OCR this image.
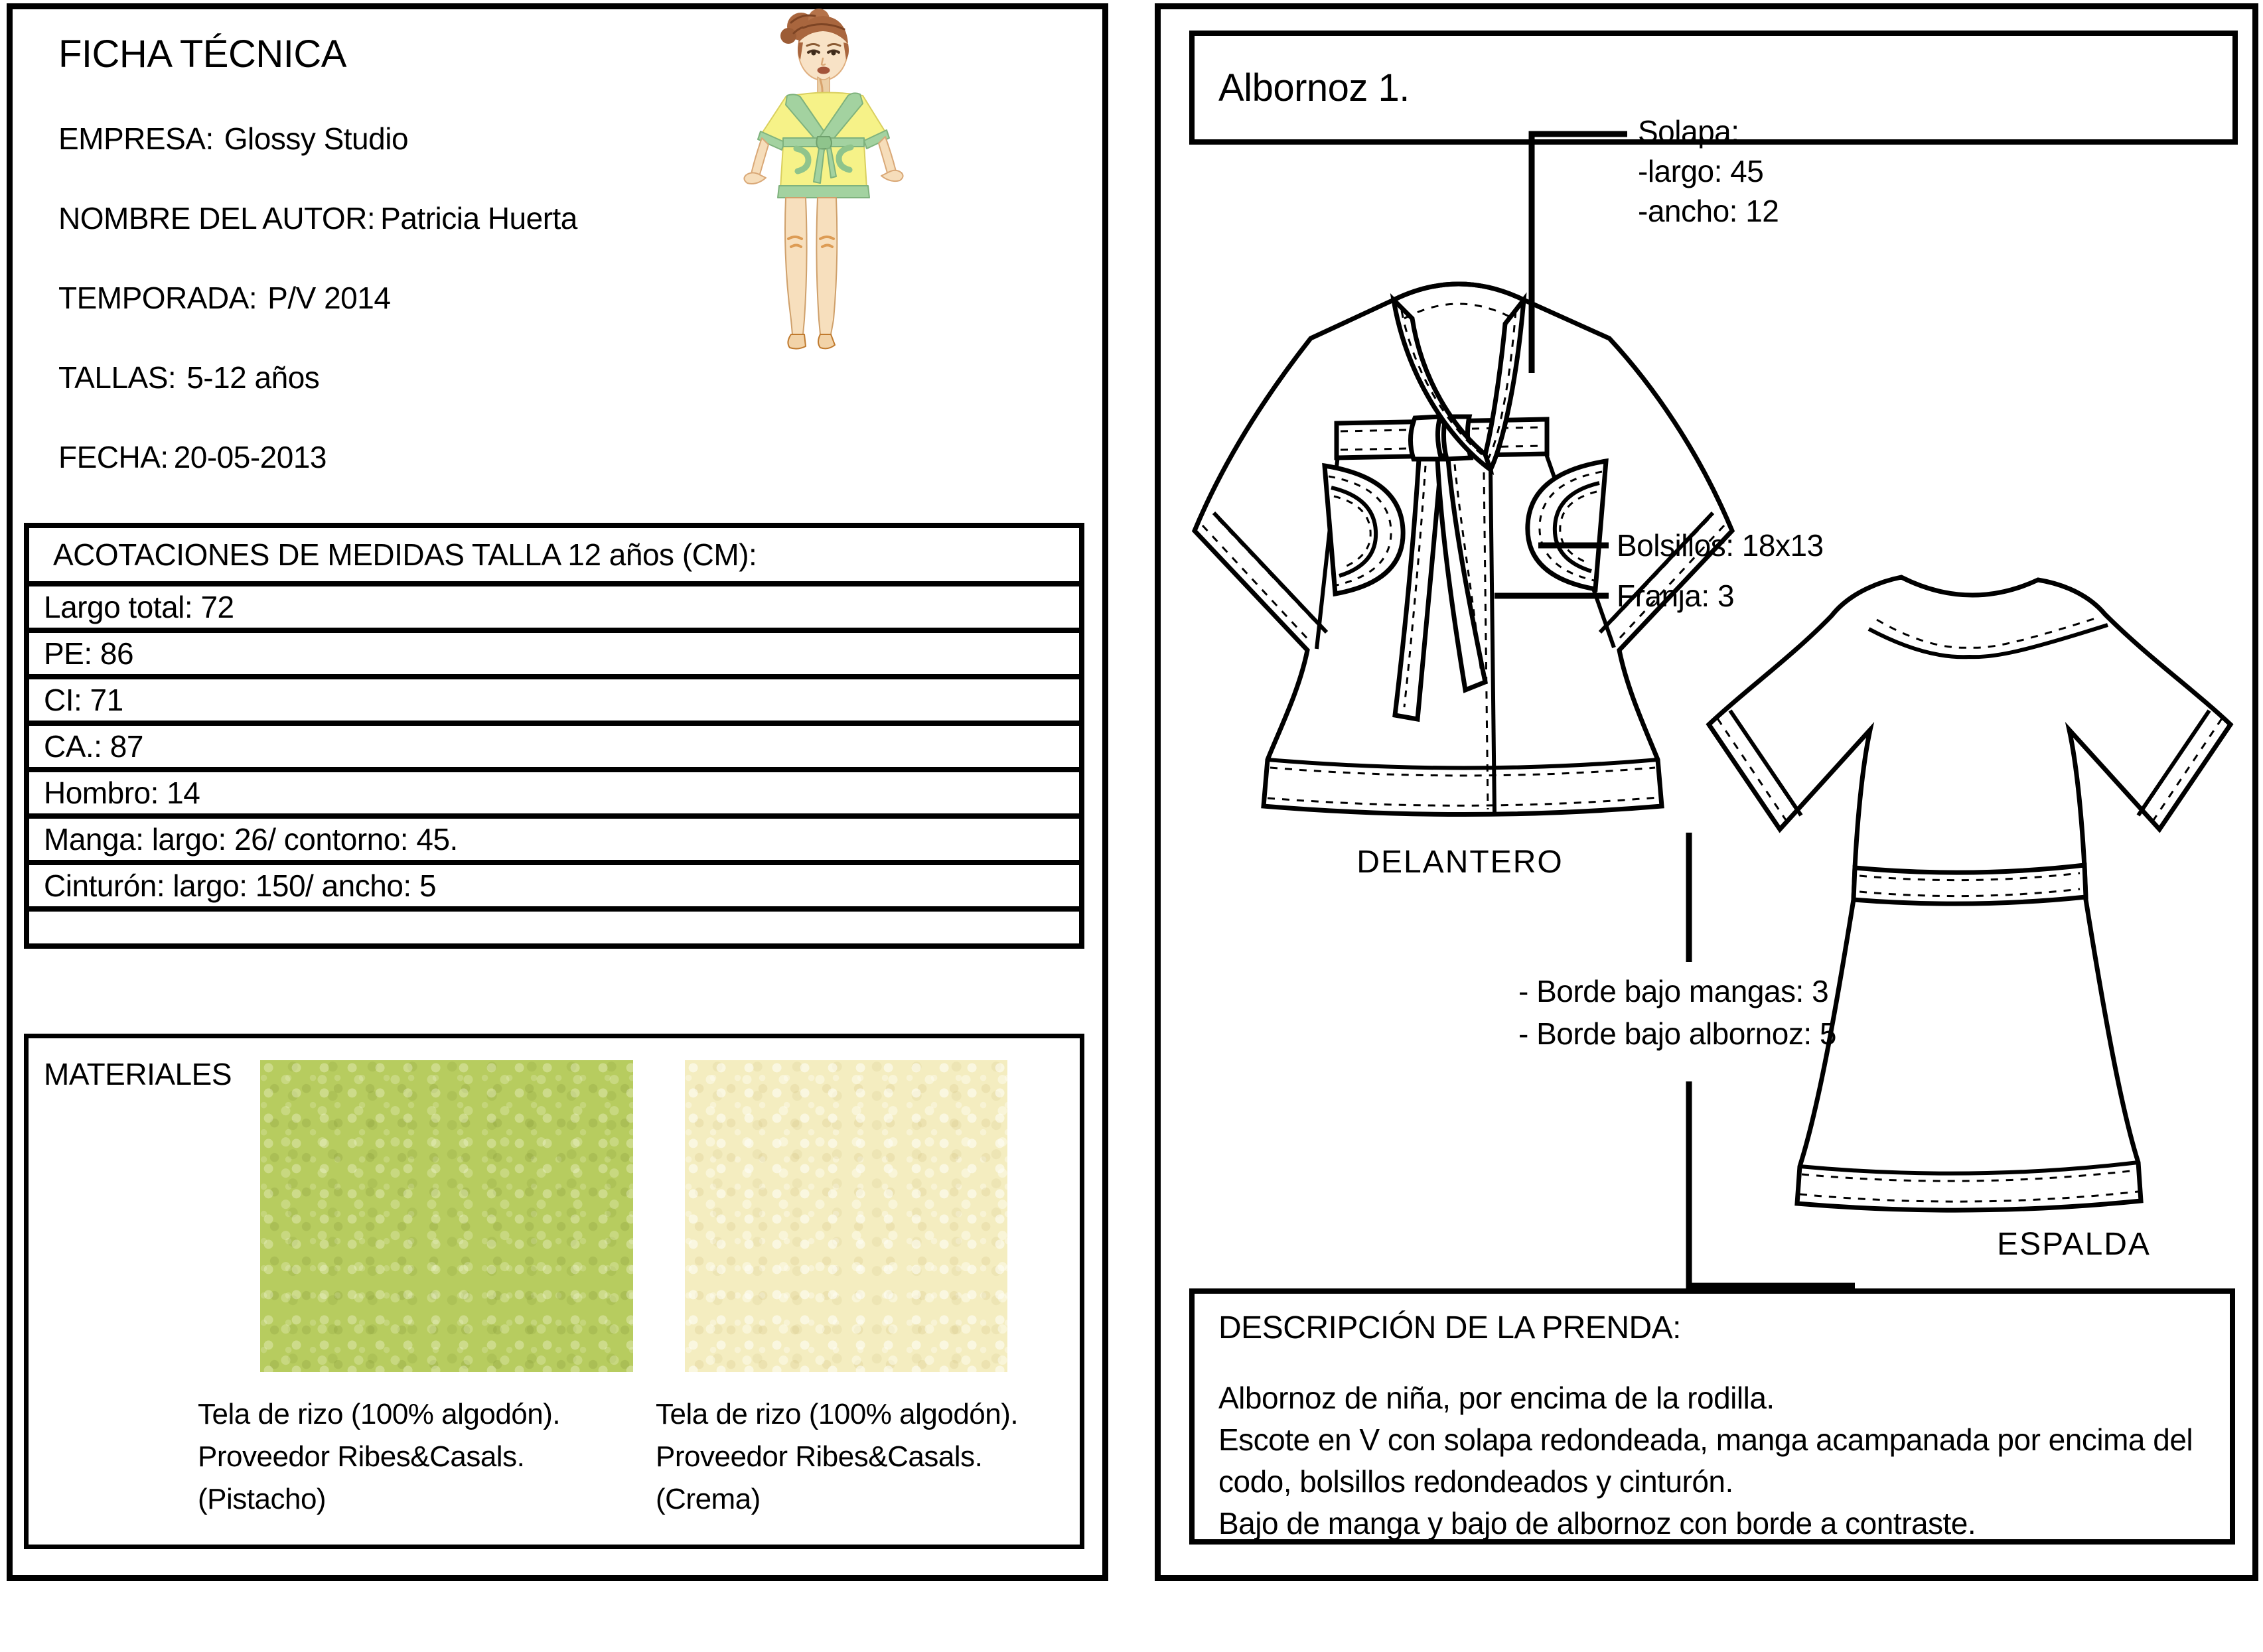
FICHA TÉCNICA
EMPRESA: Glossy Studio
NOMBRE DEL AUTOR: Patricia Huerta
TEMPORADA: P/V 2014
TALLAS: 5-12 años
FECHA: 20-05-2013
ACOTACIONES DE MEDIDAS TALLA 12 años (CM):
Largo total: 72
PE: 86
CI: 71
CA.: 87
Hombro: 14
Manga: largo: 26/ contorno: 45.
Cinturón: largo: 150/ ancho: 5
MATERIALES
Tela de rizo (100% algodón).
Proveedor Ribes&Casals.
(Pistacho)
Tela de rizo (100% algodón).
Proveedor Ribes&Casals.
(Crema)
Albornoz 1.
Solapa:
-largo: 45
-ancho: 12
Bolsillos: 18x13
Franja: 3
- Borde bajo mangas: 3
- Borde bajo albornoz: 5
DELANTERO
ESPALDA
DESCRIPCIÓN DE LA PRENDA:
Albornoz de niña, por encima de la rodilla.
Escote en V con solapa redondeada, manga acampanada por encima del
codo, bolsillos redondeados y cinturón.
Bajo de manga y bajo de albornoz con borde a contraste.
